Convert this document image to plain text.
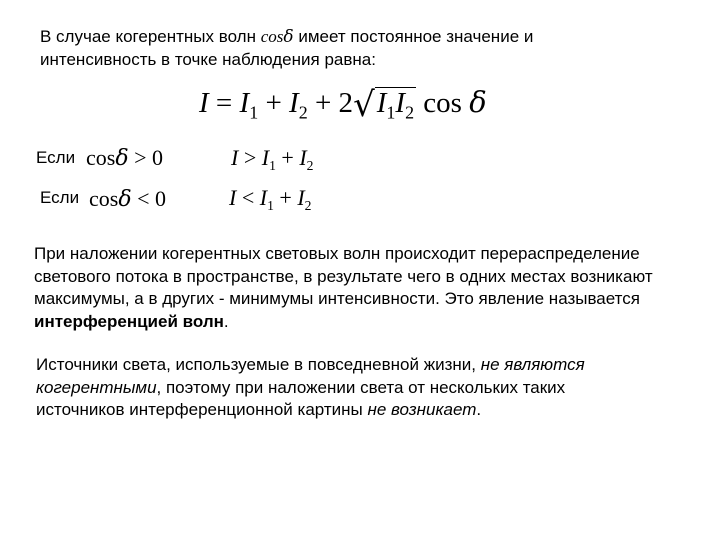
В случае когерентных волн cosδ имеет постоянное значение и

интенсивность в точке наблюдения равна:

$I = I_1 + I_2 + 2√I_1I_2$ cos δ

Если cosδ > 0	$I > I_1 + I_2$

Если cosδ < 0	$I < I_1 + I_2$
При наложении когерентных световых волн происходит перераспределение
светового потока в пространстве, в результате чего в одних местах возникают
максимумы, а в других - минимумы интенсивности. Это явление называется
интерференцией волн.
Источники света, используемые в повседневной жизни, не являются
когерентными, поэтому при наложении света от нескольких таких
источников интерференционной картины не возникает.
